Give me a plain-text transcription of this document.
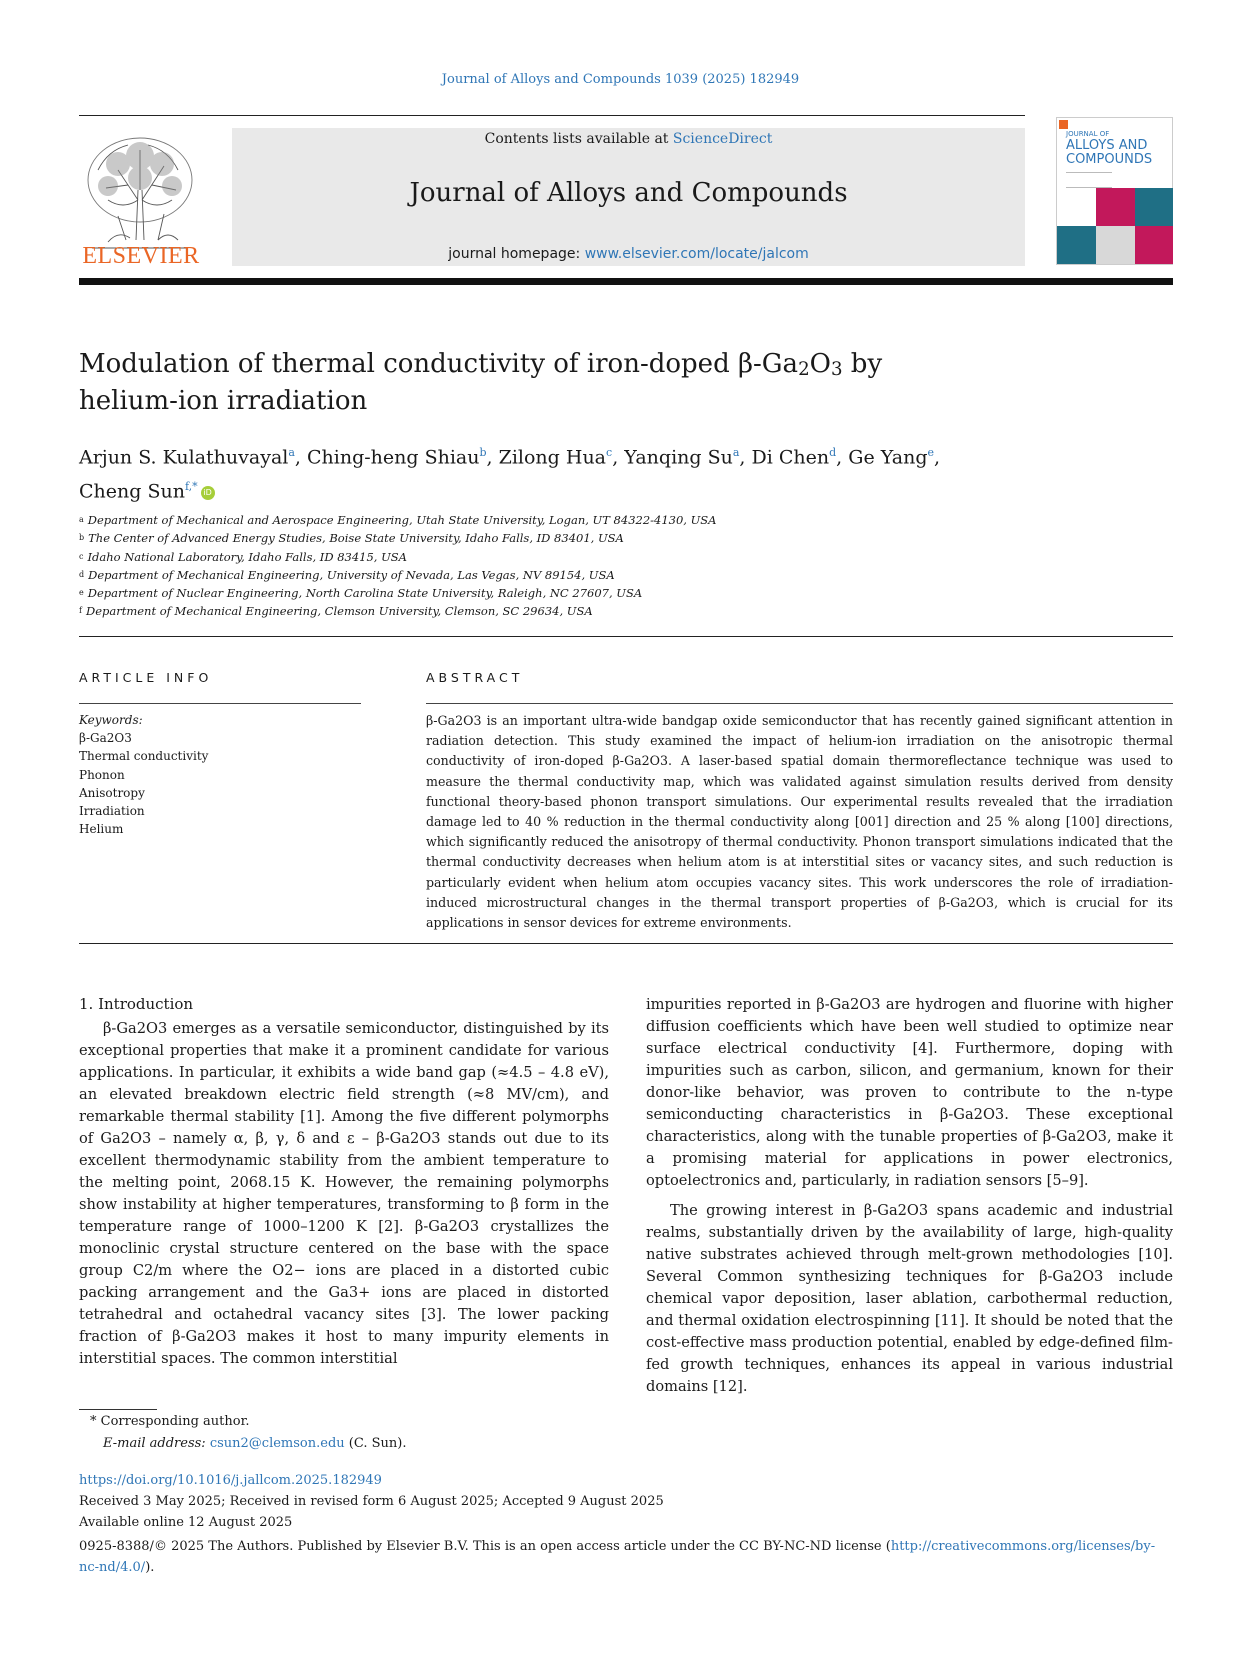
Journal of Alloys and Compounds 1039 (2025) 182949
ELSEVIER
Contents lists available at ScienceDirect
Journal of Alloys and Compounds
journal homepage: www.elsevier.com/locate/jalcom
JOURNAL OF
ALLOYS AND
COMPOUNDS
Modulation of thermal conductivity of iron-doped $\beta-Ga_2O_3$ by
helium-ion irradiation
Arjun S. Kulathuvayal$^a$, Ching-heng Shiau$^b$, Zilong Hua$^c$, Yanqing Su$^a$, Di Chen$^d$, Ge Yang$^e$,
Cheng Sun$^{f,*}$ iD
$^a$ Department of Mechanical and Aerospace Engineering, Utah State University, Logan, UT 84322-4130, USA
$^b$ The Center of Advanced Energy Studies, Boise State University, Idaho Falls, ID 83401, USA
$^c$ Idaho National Laboratory, Idaho Falls, ID 83415, USA
$^d$ Department of Mechanical Engineering, University of Nevada, Las Vegas, NV 89154, USA
$^e$ Department of Nuclear Engineering, North Carolina State University, Raleigh, NC 27607, USA
$^f$ Department of Mechanical Engineering, Clemson University, Clemson, SC 29634, USA
ARTICLE INFO	ABSTRACT
Keywords:
β-Ga2O3
Thermal conductivity
Phonon
Anisotropy
Irradiation
Helium
β-Ga2O3 is an important ultra-wide bandgap oxide semiconductor that has recently gained significant attention in radiation detection. This study examined the impact of helium-ion irradiation on the anisotropic thermal conductivity of iron-doped β-Ga2O3. A laser-based spatial domain thermoreflectance technique was used to measure the thermal conductivity map, which was validated against simulation results derived from density functional theory-based phonon transport simulations. Our experimental results revealed that the irradiation damage led to 40 % reduction in the thermal conductivity along [001] direction and 25 % along [100] directions, which significantly reduced the anisotropy of thermal conductivity. Phonon transport simulations indicated that the thermal conductivity decreases when helium atom is at interstitial sites or vacancy sites, and such reduction is particularly evident when helium atom occupies vacancy sites. This work underscores the role of irradiation-induced microstructural changes in the thermal transport properties of β-Ga2O3, which is crucial for its applications in sensor devices for extreme environments.
1. Introduction

β-Ga2O3 emerges as a versatile semiconductor, distinguished by its exceptional properties that make it a prominent candidate for various applications. In particular, it exhibits a wide band gap (≈4.5 – 4.8 eV), an elevated breakdown electric field strength (≈8 MV/cm), and remarkable thermal stability [1]. Among the five different polymorphs of Ga2O3 – namely α, β, γ, δ and ε – β-Ga2O3 stands out due to its excellent thermodynamic stability from the ambient temperature to the melting point, 2068.15 K. However, the remaining polymorphs show instability at higher temperatures, transforming to β form in the temperature range of 1000–1200 K [2]. β-Ga2O3 crystallizes the monoclinic crystal structure centered on the base with the space group C2/m where the O2− ions are placed in a distorted cubic packing arrangement and the Ga3+ ions are placed in distorted tetrahedral and octahedral vacancy sites [3]. The lower packing fraction of β-Ga2O3 makes it host to many impurity elements in interstitial spaces. The common interstitial

impurities reported in β-Ga2O3 are hydrogen and fluorine with higher diffusion coefficients which have been well studied to optimize near surface electrical conductivity [4]. Furthermore, doping with impurities such as carbon, silicon, and germanium, known for their donor-like behavior, was proven to contribute to the n-type semiconducting characteristics in β-Ga2O3. These exceptional characteristics, along with the tunable properties of β-Ga2O3, make it a promising material for applications in power electronics, optoelectronics and, particularly, in radiation sensors [5–9].

The growing interest in β-Ga2O3 spans academic and industrial realms, substantially driven by the availability of large, high-quality native substrates achieved through melt-grown methodologies [10]. Several Common synthesizing techniques for β-Ga2O3 include chemical vapor deposition, laser ablation, carbothermal reduction, and thermal oxidation electrospinning [11]. It should be noted that the cost-effective mass production potential, enabled by edge-defined film-fed growth techniques, enhances its appeal in various industrial domains [12].

* Corresponding author.
E-mail address: csun2@clemson.edu (C. Sun).
https://doi.org/10.1016/j.jallcom.2025.182949
Received 3 May 2025; Received in revised form 6 August 2025; Accepted 9 August 2025
Available online 12 August 2025
0925-8388/© 2025 The Authors. Published by Elsevier B.V. This is an open access article under the CC BY-NC-ND license (http://creativecommons.org/licenses/by-nc-nd/4.0/).
